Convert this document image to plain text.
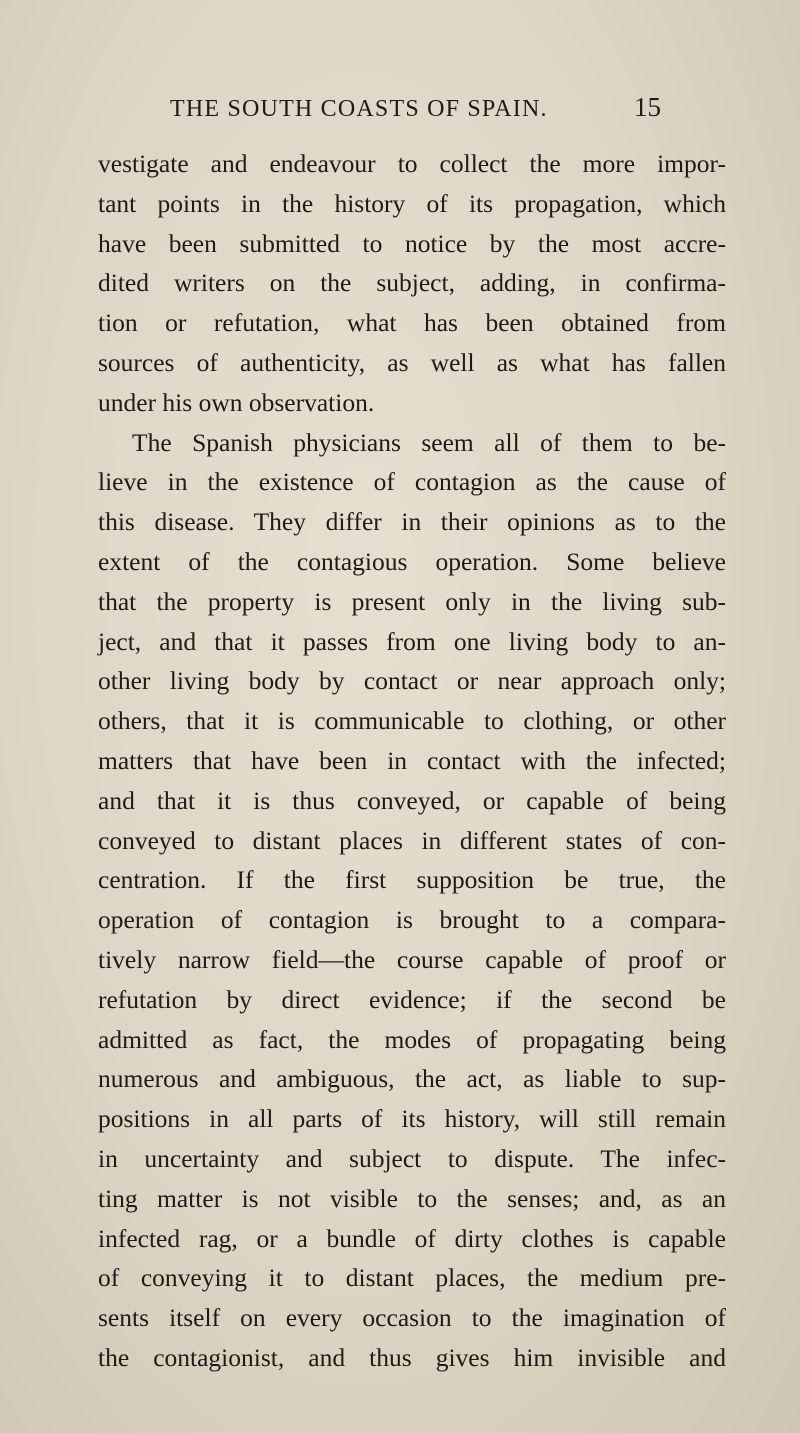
THE SOUTH COASTS OF SPAIN.	15
vestigate and endeavour to collect the more impor-
tant points in the history of its propagation, which
have been submitted to notice by the most accre-
dited writers on the subject, adding, in confirma-
tion or refutation, what has been obtained from
sources of authenticity, as well as what has fallen
under his own observation.
The Spanish physicians seem all of them to be-
lieve in the existence of contagion as the cause of
this disease. They differ in their opinions as to the
extent of the contagious operation. Some believe
that the property is present only in the living sub-
ject, and that it passes from one living body to an-
other living body by contact or near approach only;
others, that it is communicable to clothing, or other
matters that have been in contact with the infected;
and that it is thus conveyed, or capable of being
conveyed to distant places in different states of con-
centration. If the first supposition be true, the
operation of contagion is brought to a compara-
tively narrow field—the course capable of proof or
refutation by direct evidence; if the second be
admitted as fact, the modes of propagating being
numerous and ambiguous, the act, as liable to sup-
positions in all parts of its history, will still remain
in uncertainty and subject to dispute. The infec-
ting matter is not visible to the senses; and, as an
infected rag, or a bundle of dirty clothes is capable
of conveying it to distant places, the medium pre-
sents itself on every occasion to the imagination of
the contagionist, and thus gives him invisible and
